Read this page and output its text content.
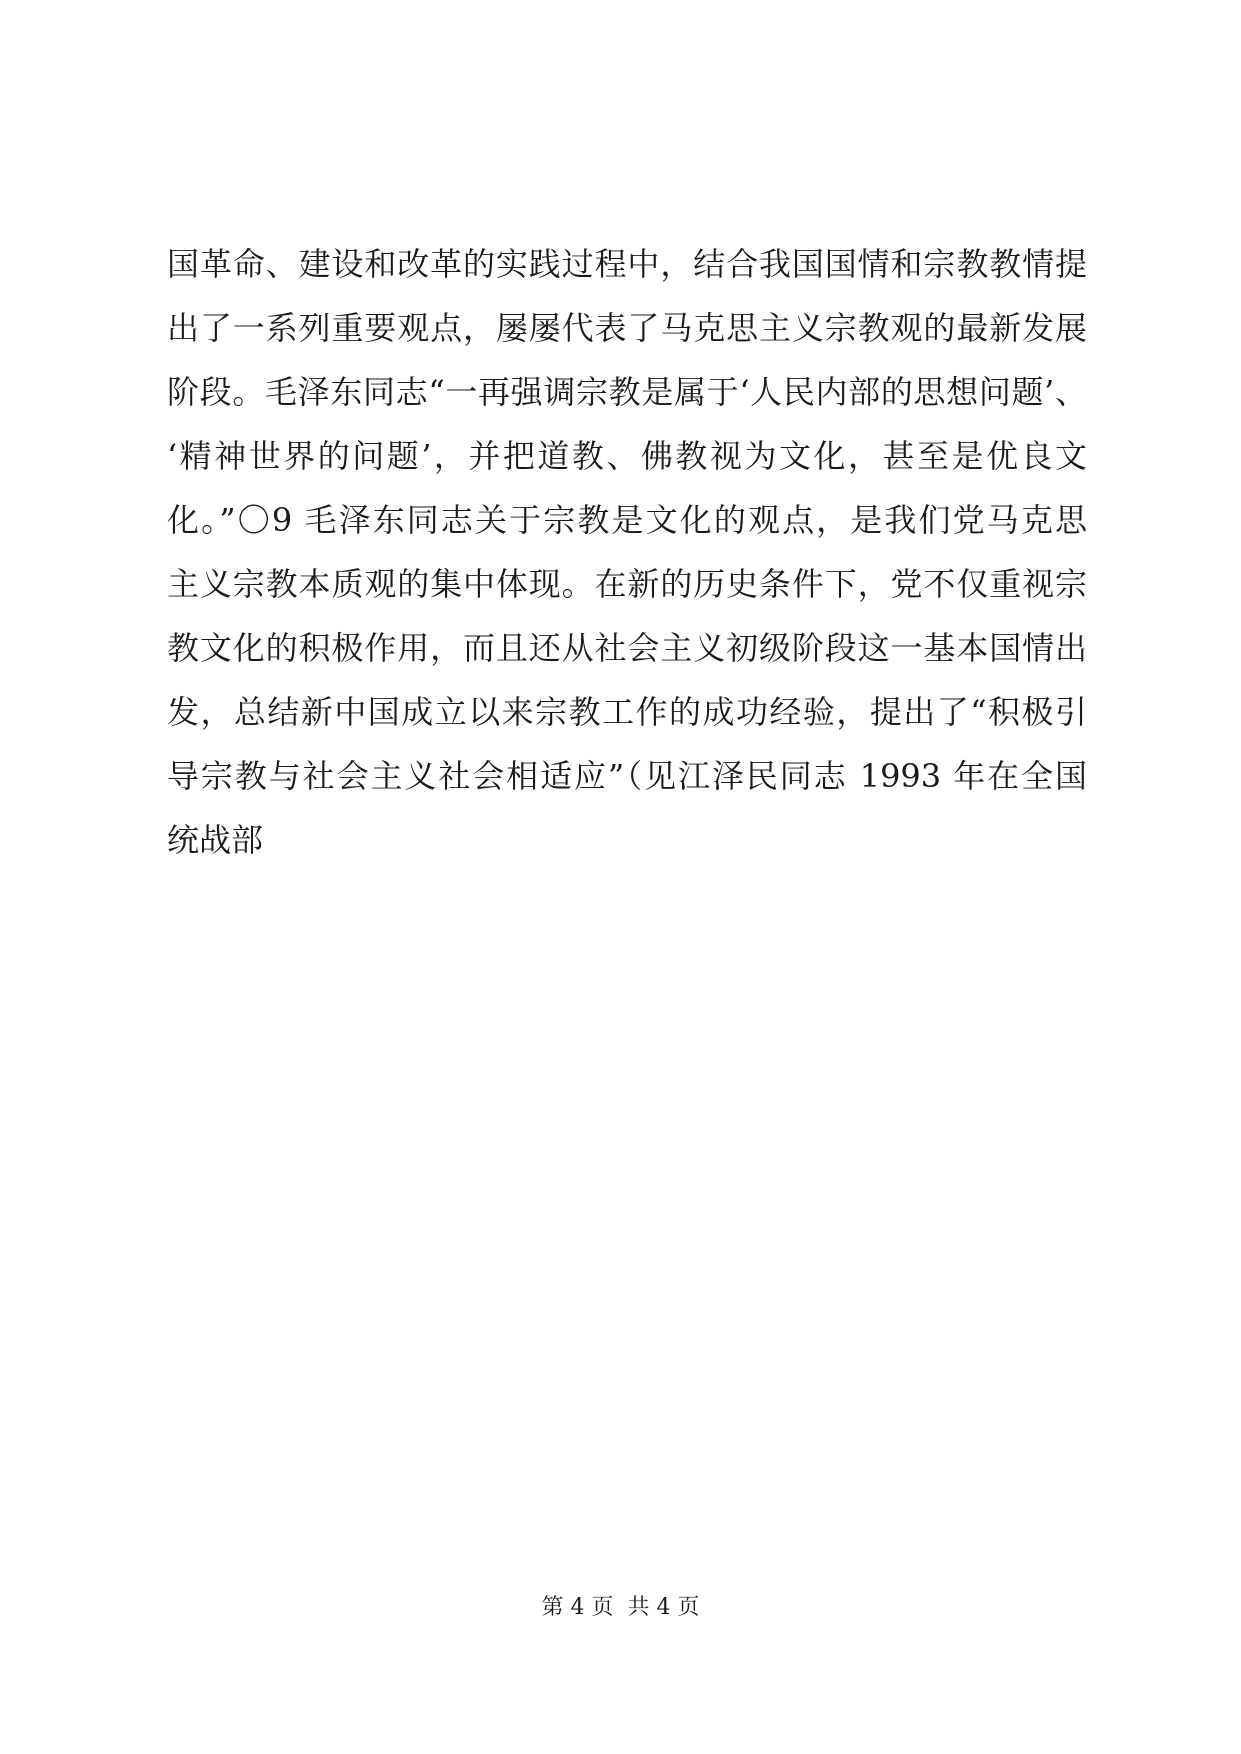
国革命、建设和改革的实践过程中，结合我国国情和宗教教情提
出了一系列重要观点，屡屡代表了马克思主义宗教观的最新发展
阶段。毛泽东同志“一再强调宗教是属于‘人民内部的思想问题’、
‘精神世界的问题’，并把道教、佛教视为文化，甚至是优良文
化。”〇9 毛泽东同志关于宗教是文化的观点，是我们党马克思
主义宗教本质观的集中体现。在新的历史条件下，党不仅重视宗
教文化的积极作用，而且还从社会主义初级阶段这一基本国情出
发，总结新中国成立以来宗教工作的成功经验，提出了“积极引
导宗教与社会主义社会相适应”（见江泽民同志 1993 年在全国
统战部
第 4 页  共 4 页
